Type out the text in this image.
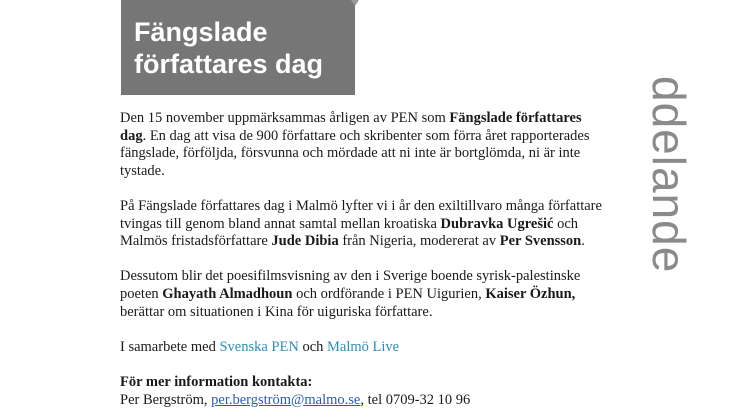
Fängslade
författares dag
ddelande

Den 15 november uppmärksammas årligen av PEN som Fängslade författares dag. En dag att visa de 900 författare och skribenter som förra året rapporterades fängslade, förföljda, försvunna och mördade att ni inte är bortglömda, ni är inte tystade.

På Fängslade författares dag i Malmö lyfter vi i år den exiltillvaro många författare tvingas till genom bland annat samtal mellan kroatiska Dubravka Ugrešić och Malmös fristadsförfattare Jude Dibia från Nigeria, modererat av Per Svensson.

Dessutom blir det poesifilmsvisning av den i Sverige boende syrisk-palestinske poeten Ghayath Almadhoun och ordförande i PEN Uigurien, Kaiser Özhun, berättar om situationen i Kina för uiguriska författare.

I samarbete med Svenska PEN och Malmö Live

För mer information kontakta:
Per Bergström, per.bergström@malmo.se, tel 0709-32 10 96
